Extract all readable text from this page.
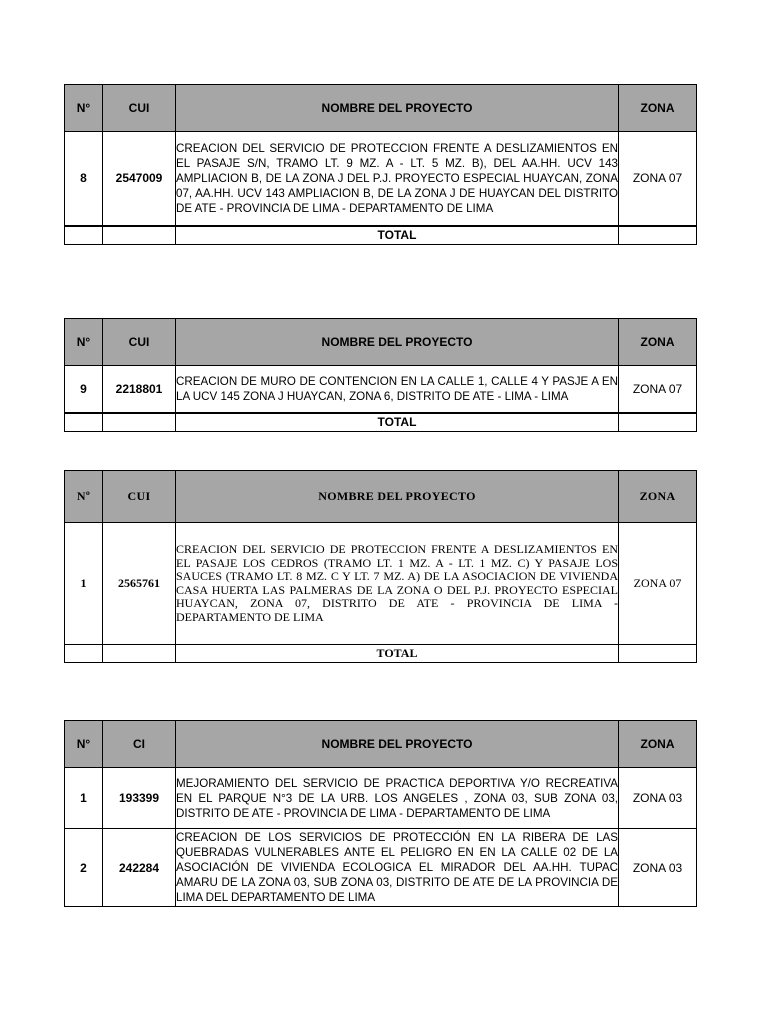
N°	CUI	NOMBRE DEL PROYECTO	ZONA
8	2547009	CREACION DEL SERVICIO DE PROTECCION FRENTE A DESLIZAMIENTOS EN EL PASAJE S/N, TRAMO LT. 9 MZ. A - LT. 5 MZ. B), DEL AA.HH. UCV 143 AMPLIACION B, DE LA ZONA J DEL P.J. PROYECTO ESPECIAL HUAYCAN, ZONA 07, AA.HH. UCV 143 AMPLIACION B, DE LA ZONA J DE HUAYCAN DEL DISTRITO DE ATE - PROVINCIA DE LIMA - DEPARTAMENTO DE LIMA	ZONA 07
		TOTAL	
N°	CUI	NOMBRE DEL PROYECTO	ZONA
9	2218801	CREACION DE MURO DE CONTENCION EN LA CALLE 1, CALLE 4 Y PASJE A EN LA UCV 145 ZONA J HUAYCAN, ZONA 6, DISTRITO DE ATE - LIMA - LIMA	ZONA 07
		TOTAL	
Nº	CUI	NOMBRE DEL PROYECTO	ZONA
1	2565761	CREACION DEL SERVICIO DE PROTECCION FRENTE A DESLIZAMIENTOS EN EL PASAJE LOS CEDROS (TRAMO LT. 1 MZ. A - LT. 1 MZ. C) Y PASAJE LOS SAUCES (TRAMO LT. 8 MZ. C Y LT. 7 MZ. A) DE LA ASOCIACION DE VIVIENDA CASA HUERTA LAS PALMERAS DE LA ZONA O DEL P.J. PROYECTO ESPECIAL HUAYCAN, ZONA 07, DISTRITO DE ATE - PROVINCIA DE LIMA - DEPARTAMENTO DE LIMA	ZONA 07
		TOTAL	
N°	CI	NOMBRE DEL PROYECTO	ZONA
1	193399	MEJORAMIENTO DEL SERVICIO DE PRACTICA DEPORTIVA Y/O RECREATIVA EN EL PARQUE N°3 DE LA URB. LOS ANGELES , ZONA 03, SUB ZONA 03, DISTRITO DE ATE - PROVINCIA DE LIMA - DEPARTAMENTO DE LIMA	ZONA 03
2	242284	CREACION DE LOS SERVICIOS DE PROTECCIÓN EN LA RIBERA DE LAS QUEBRADAS VULNERABLES ANTE EL PELIGRO EN EN LA CALLE 02 DE LA ASOCIACIÓN DE VIVIENDA ECOLOGICA EL MIRADOR DEL AA.HH. TUPAC AMARU DE LA ZONA 03, SUB ZONA 03, DISTRITO DE ATE DE LA PROVINCIA DE LIMA DEL DEPARTAMENTO DE LIMA	ZONA 03
